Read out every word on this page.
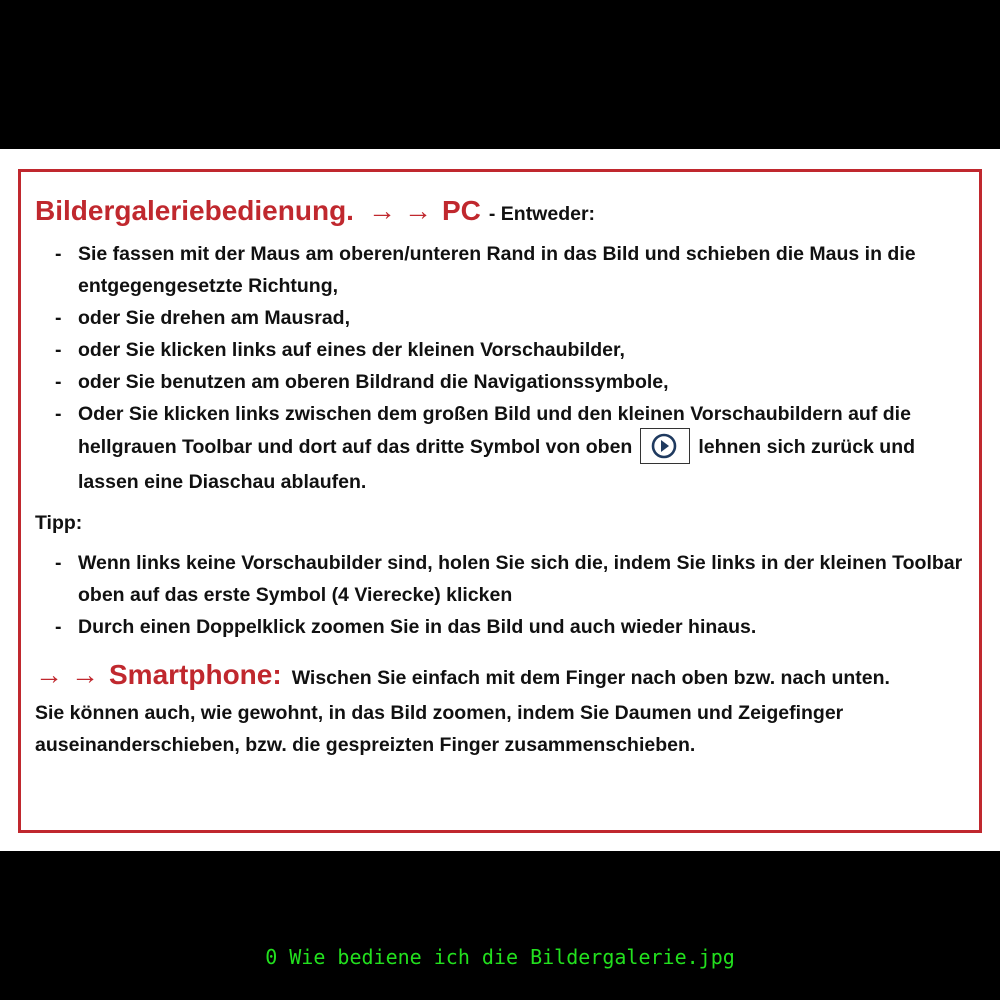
Bildergaleriebedienung. →→ PC - Entweder:
- Sie fassen mit der Maus am oberen/unteren Rand in das Bild und schieben die Maus in die entgegengesetzte Richtung,
- oder Sie drehen am Mausrad,
- oder Sie klicken links auf eines der kleinen Vorschaubilder,
- oder Sie benutzen am oberen Bildrand die Navigationssymbole,
- Oder Sie klicken links zwischen dem großen Bild und den kleinen Vorschaubildern auf die hellgrauen Toolbar und dort auf das dritte Symbol von oben	lehnen sich zurück und lassen eine Diaschau ablaufen.
Tipp:
- Wenn links keine Vorschaubilder sind, holen Sie sich die, indem Sie links in der kleinen Toolbar oben auf das erste Symbol (4 Vierecke) klicken
- Durch einen Doppelklick zoomen Sie in das Bild und auch wieder hinaus.
→→ Smartphone: Wischen Sie einfach mit dem Finger nach oben bzw. nach unten.
Sie können auch, wie gewohnt, in das Bild zoomen, indem Sie Daumen und Zeigefinger auseinanderschieben, bzw. die gespreizten Finger zusammenschieben.
0 Wie bediene ich die Bildergalerie.jpg
